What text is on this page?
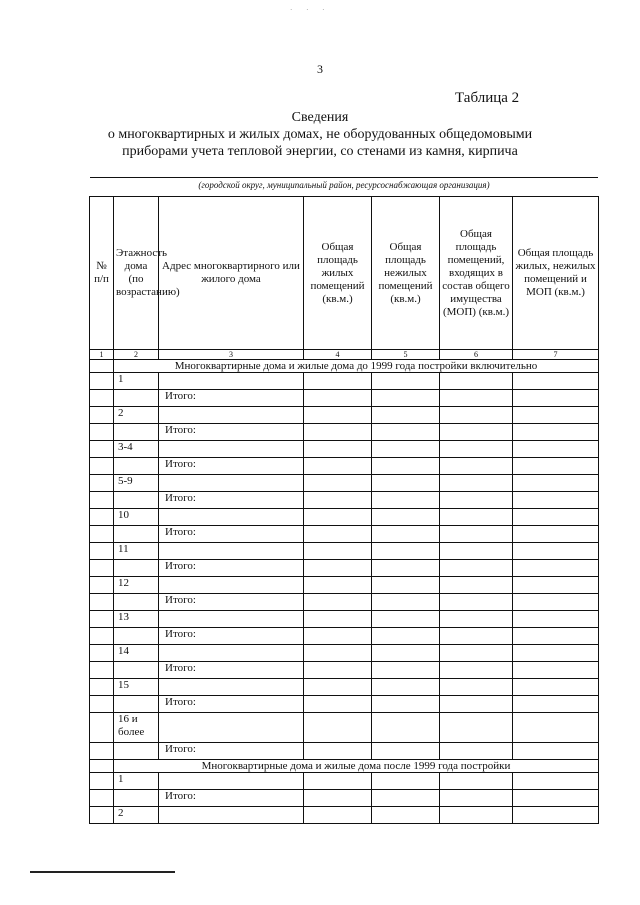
· · ·
3
Таблица 2
Сведения
о многоквартирных и жилых домах, не оборудованных общедомовыми
приборами учета тепловой энергии, со стенами из камня, кирпича
(городской округ, муниципальный район, ресурсоснабжающая организация)
№ п/п	Этажность дома (по возрастанию)	Адрес многоквартирного или жилого дома	Общая площадь жилых помещений (кв.м.)	Общая площадь нежилых помещений (кв.м.)	Общая площадь помещений, входящих в состав общего имущества (МОП) (кв.м.)	Общая площадь жилых, нежилых помещений и МОП (кв.м.)
1	2	3	4	5	6	7
	Многоквартирные дома и жилые дома до 1999 года постройки включительно					
	1					
		Итого:				
	2					
		Итого:				
	3-4					
		Итого:				
	5-9					
		Итого:				
	10					
		Итого:				
	11					
		Итого:				
	12					
		Итого:				
	13					
		Итого:				
	14					
		Итого:				
	15					
		Итого:				
	16 и более					
		Итого:				
	Многоквартирные дома и жилые дома после 1999 года постройки					
	1					
		Итого:				
	2					
